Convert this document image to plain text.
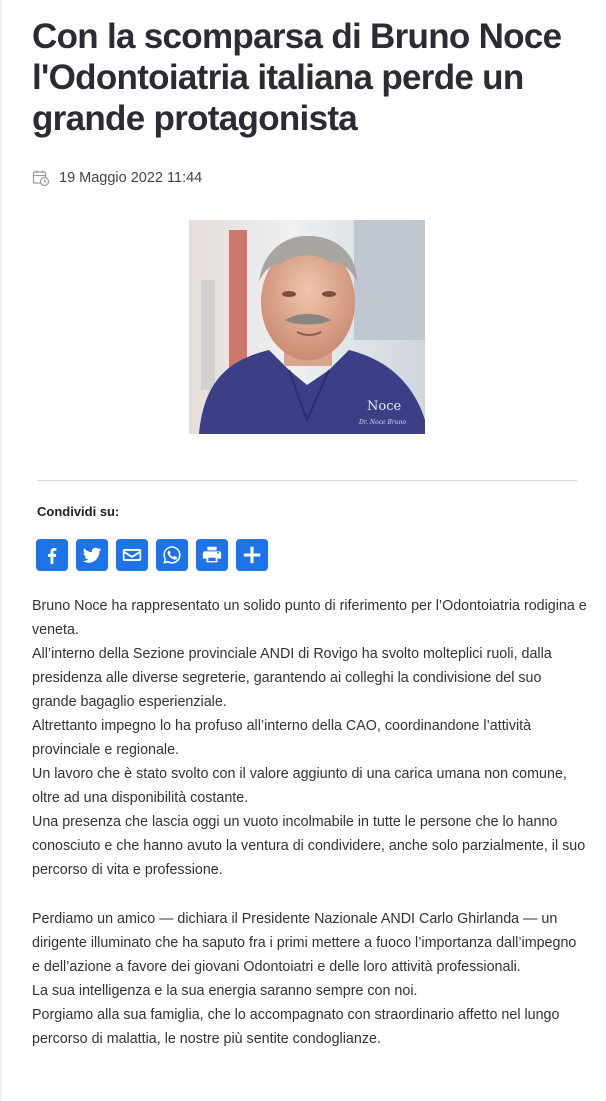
Con la scomparsa di Bruno Noce l'Odontoiatria italiana perde un grande protagonista
19 Maggio 2022 11:44
Noce
Dr. Noce Bruno
Condividi su:

Bruno Noce ha rappresentato un solido punto di riferimento per l’Odontoiatria rodigina e veneta.

All’interno della Sezione provinciale ANDI di Rovigo ha svolto molteplici ruoli, dalla presidenza alle diverse segreterie, garantendo ai colleghi la condivisione del suo grande bagaglio esperienziale.

Altrettanto impegno lo ha profuso all’interno della CAO, coordinandone l’attività provinciale e regionale.

Un lavoro che è stato svolto con il valore aggiunto di una carica umana non comune, oltre ad una disponibilità costante.

Una presenza che lascia oggi un vuoto incolmabile in tutte le persone che lo hanno conosciuto e che hanno avuto la ventura di condividere, anche solo parzialmente, il suo percorso di vita e professione.

Perdiamo un amico — dichiara il Presidente Nazionale ANDI Carlo Ghirlanda — un dirigente illuminato che ha saputo fra i primi mettere a fuoco l’importanza dall’impegno e dell’azione a favore dei giovani Odontoiatri e delle loro attività professionali.

La sua intelligenza e la sua energia saranno sempre con noi.

Porgiamo alla sua famiglia, che lo accompagnato con straordinario affetto nel lungo percorso di malattia, le nostre più sentite condoglianze.
